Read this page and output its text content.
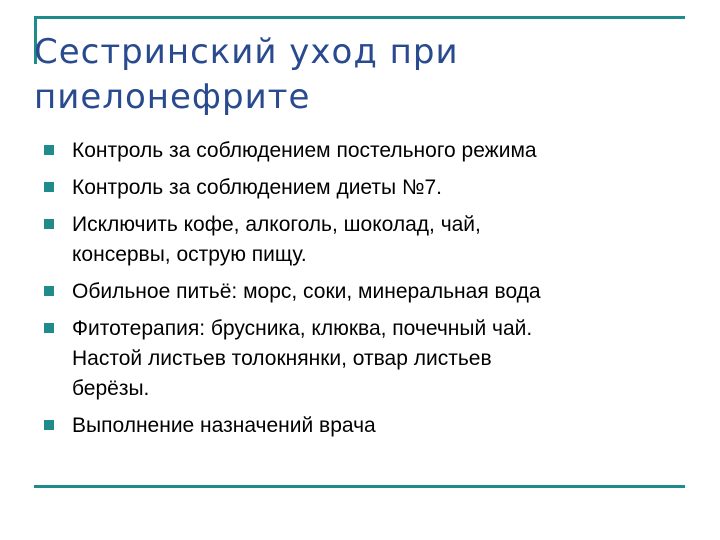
Сестринский уход при
пиелонефрите
Контроль за соблюдением постельного режима
Контроль за соблюдением диеты №7.
Исключить кофе, алкоголь, шоколад, чай,
консервы, острую пищу.
Обильное питьё: морс, соки, минеральная вода
Фитотерапия: брусника, клюква, почечный чай.
Настой листьев толокнянки, отвар листьев
берёзы.
Выполнение назначений врача
